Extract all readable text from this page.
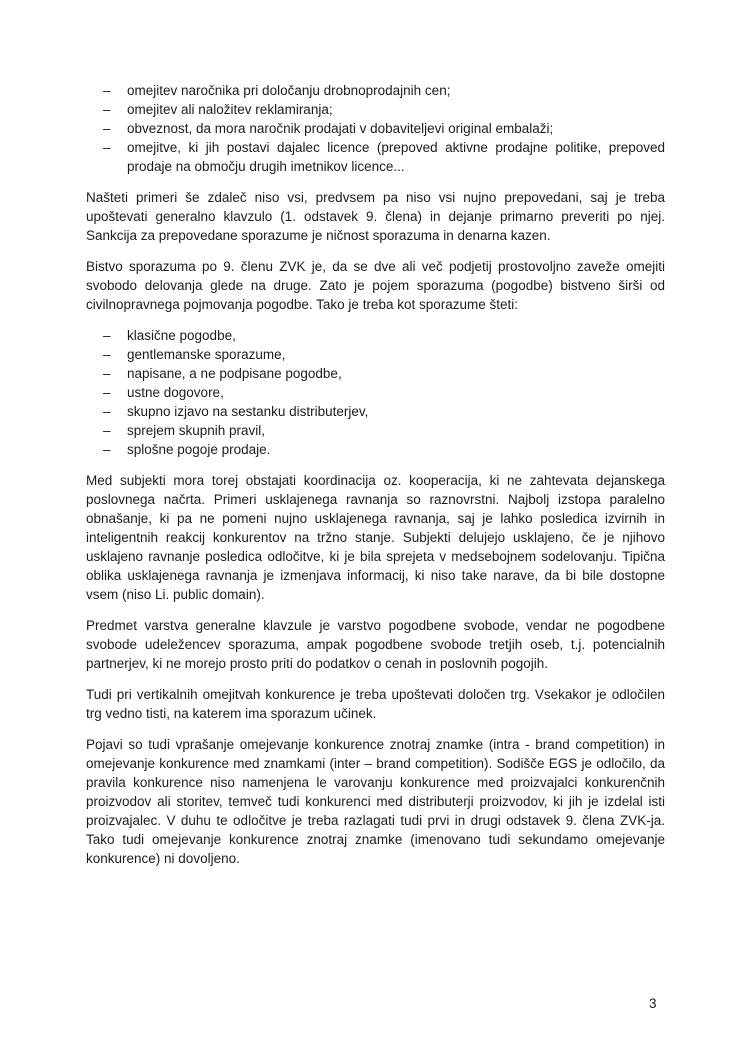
–	omejitev naročnika pri določanju drobnoprodajnih cen;
–	omejitev ali naložitev reklamiranja;
–	obveznost, da mora naročnik prodajati v dobaviteljevi original embalaži;
–	omejitve, ki jih postavi dajalec licence (prepoved aktivne prodajne politike, prepoved prodaje na območju drugih imetnikov licence...

Našteti primeri še zdaleč niso vsi, predvsem pa niso vsi nujno prepovedani, saj je treba upoštevati generalno klavzulo (1. odstavek 9. člena) in dejanje primarno preveriti po njej. Sankcija za prepovedane sporazume je ničnost sporazuma in denarna kazen.

Bistvo sporazuma po 9. členu ZVK je, da se dve ali več podjetij prostovoljno zaveže omejiti svobodo delovanja glede na druge. Zato je pojem sporazuma (pogodbe) bistveno širši od civilnopravnega pojmovanja pogodbe. Tako je treba kot sporazume šteti:

–	klasične pogodbe,
–	gentlemanske sporazume,
–	napisane, a ne podpisane pogodbe,
–	ustne dogovore,
–	skupno izjavo na sestanku distributerjev,
–	sprejem skupnih pravil,
–	splošne pogoje prodaje.

Med subjekti mora torej obstajati koordinacija oz. kooperacija, ki ne zahtevata dejanskega poslovnega načrta. Primeri usklajenega ravnanja so raznovrstni. Najbolj izstopa paralelno obnašanje, ki pa ne pomeni nujno usklajenega ravnanja, saj je lahko posledica izvirnih in inteligentnih reakcij konkurentov na tržno stanje. Subjekti delujejo usklajeno, če je njihovo usklajeno ravnanje posledica odločitve, ki je bila sprejeta v medsebojnem sodelovanju. Tipična oblika usklajenega ravnanja je izmenjava informacij, ki niso take narave, da bi bile dostopne vsem (niso Li. public domain).

Predmet varstva generalne klavzule je varstvo pogodbene svobode, vendar ne pogodbene svobode udeležencev sporazuma, ampak pogodbene svobode tretjih oseb, t.j. potencialnih partnerjev, ki ne morejo prosto priti do podatkov o cenah in poslovnih pogojih.

Tudi pri vertikalnih omejitvah konkurence je treba upoštevati določen trg. Vsekakor je odločilen trg vedno tisti, na katerem ima sporazum učinek.

Pojavi so tudi vprašanje omejevanje konkurence znotraj znamke (intra - brand competition) in omejevanje konkurence med znamkami (inter – brand competition). Sodišče EGS je odločilo, da pravila konkurence niso namenjena le varovanju konkurence med proizvajalci konkurenčnih proizvodov ali storitev, temveč tudi konkurenci med distributerji proizvodov, ki jih je izdelal isti proizvajalec. V duhu te odločitve je treba razlagati tudi prvi in drugi odstavek 9. člena ZVK-ja. Tako tudi omejevanje konkurence znotraj znamke (imenovano tudi sekundamo omejevanje konkurence) ni dovoljeno.

3
